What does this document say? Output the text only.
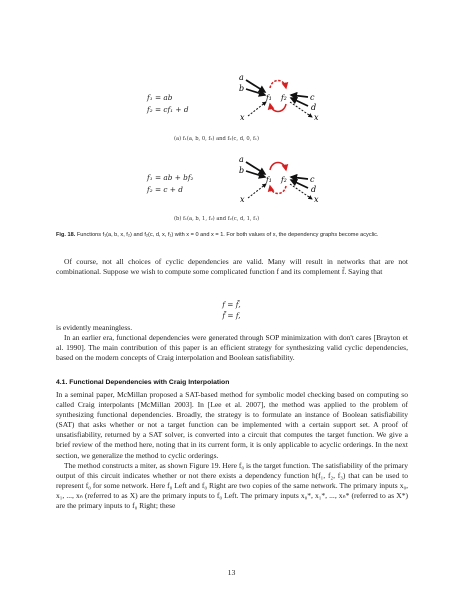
f₁ = ab
f₂ = cf₁ + d
a
b
x
c
d
x
f₁ f₂
(a) f₁(a, b, 0, f₂) and f₂(c, d, 0, f₁)
f₁ = ab + bf₂
f₂ = c + d
a
b
x
c
d
x
f₁ f₂
(b) f₁(a, b, 1, f₂) and f₂(c, d, 1, f₁)
Fig. 18. Functions f₁(a, b, x, f₂) and f₂(c, d, x, f₁) with x = 0 and x = 1. For both values of x, the dependency graphs become acyclic.

Of course, not all choices of cyclic dependencies are valid. Many will result in networks that are not combinational. Suppose we wish to compute some complicated function f and its complement f̄. Saying that

f = f̄,
f̄ = f,

is evidently meaningless.

In an earlier era, functional dependencies were generated through SOP minimization with don't cares [Brayton et al. 1990]. The main contribution of this paper is an efficient strategy for synthesizing valid cyclic dependencies, based on the modern concepts of Craig interpolation and Boolean satisfiability.

4.1. Functional Dependencies with Craig Interpolation

In a seminal paper, McMillan proposed a SAT-based method for symbolic model checking based on computing so called Craig interpolants [McMillan 2003]. In [Lee et al. 2007], the method was applied to the problem of synthesizing functional dependencies. Broadly, the strategy is to formulate an instance of Boolean satisfiability (SAT) that asks whether or not a target function can be implemented with a certain support set. A proof of unsatisfiability, returned by a SAT solver, is converted into a circuit that computes the target function. We give a brief review of the method here, noting that in its current form, it is only applicable to acyclic orderings. In the next section, we generalize the method to cyclic orderings.

The method constructs a miter, as shown Figure 19. Here f₀ is the target function. The satisfiability of the primary output of this circuit indicates whether or not there exists a dependency function h(f₁, f₂, f₃) that can be used to represent f₀ for some network. Here f₀ Left and f₀ Right are two copies of the same network. The primary inputs x₀, x₁, ..., xₙ (referred to as X) are the primary inputs to f₀ Left. The primary inputs x₀*, x₁*, ..., xₙ* (referred to as X*) are the primary inputs to f₀ Right; these

13
